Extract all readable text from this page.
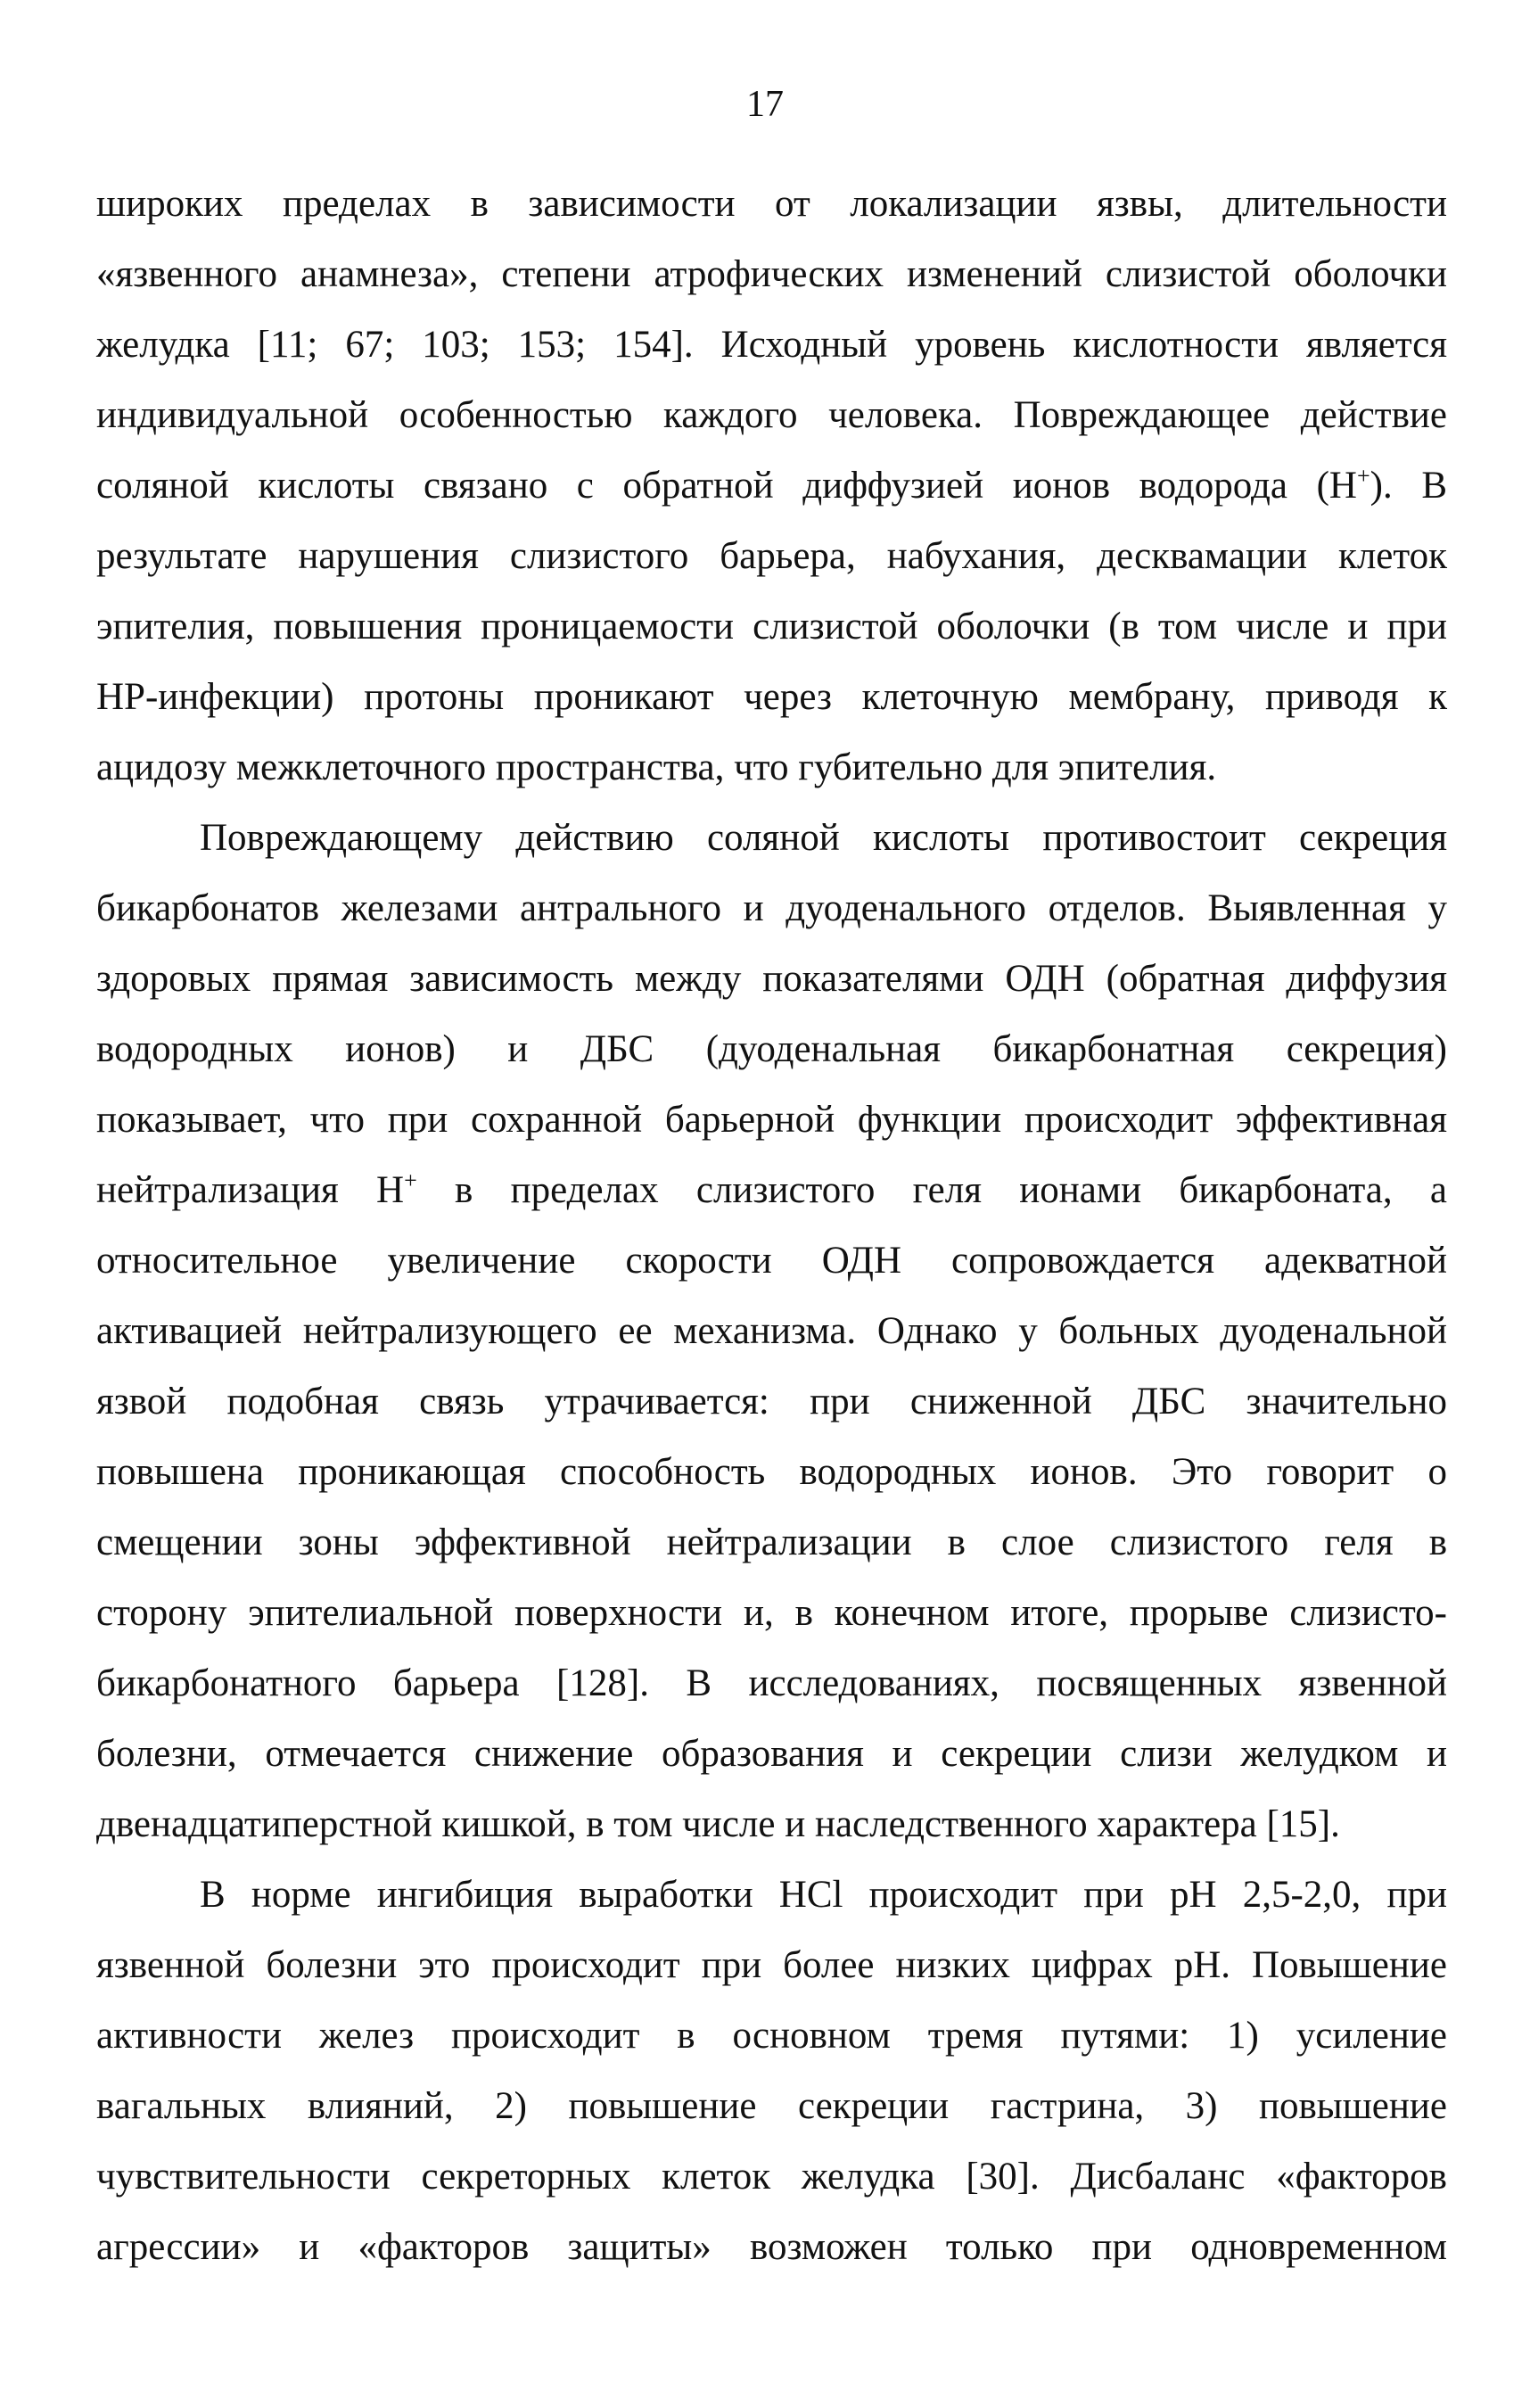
17
широких пределах в зависимости от локализации язвы, длительности
«язвенного анамнеза», степени атрофических изменений слизистой оболочки
желудка [11; 67; 103; 153; 154]. Исходный уровень кислотности является
индивидуальной особенностью каждого человека. Повреждающее действие
соляной кислоты связано с обратной диффузией ионов водорода (H+). В
результате нарушения слизистого барьера, набухания, десквамации клеток
эпителия, повышения проницаемости слизистой оболочки (в том числе и при
HP-инфекции) протоны проникают через клеточную мембрану, приводя к
ацидозу межклеточного пространства, что губительно для эпителия.
Повреждающему действию соляной кислоты противостоит секреция
бикарбонатов железами антрального и дуоденального отделов. Выявленная у
здоровых прямая зависимость между показателями ОДН (обратная диффузия
водородных ионов) и ДБС (дуоденальная бикарбонатная секреция)
показывает, что при сохранной барьерной функции происходит эффективная
нейтрализация H+ в пределах слизистого геля ионами бикарбоната, а
относительное увеличение скорости ОДН сопровождается адекватной
активацией нейтрализующего ее механизма. Однако у больных дуоденальной
язвой подобная связь утрачивается: при сниженной ДБС значительно
повышена проникающая способность водородных ионов. Это говорит о
смещении зоны эффективной нейтрализации в слое слизистого геля в
сторону эпителиальной поверхности и, в конечном итоге, прорыве слизисто-
бикарбонатного барьера [128]. В исследованиях, посвященных язвенной
болезни, отмечается снижение образования и секреции слизи желудком и
двенадцатиперстной кишкой, в том числе и наследственного характера [15].
В норме ингибиция выработки HCl происходит при pH 2,5-2,0, при
язвенной болезни это происходит при более низких цифрах pH. Повышение
активности желез происходит в основном тремя путями: 1) усиление
вагальных влияний, 2) повышение секреции гастрина, 3) повышение
чувствительности секреторных клеток желудка [30]. Дисбаланс «факторов
агрессии» и «факторов защиты» возможен только при одновременном
